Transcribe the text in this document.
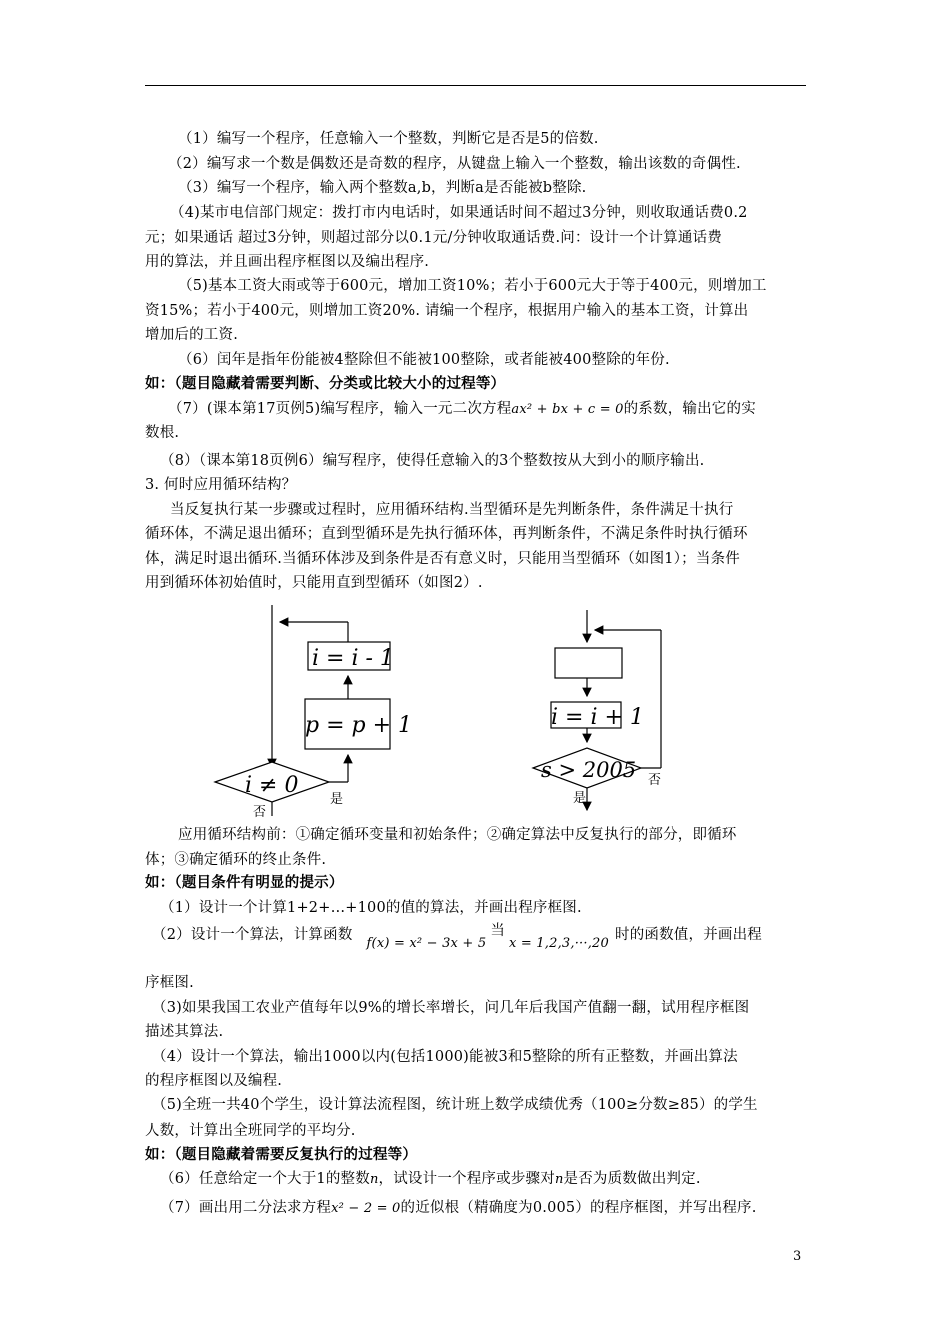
（1）编写一个程序，任意输入一个整数，判断它是否是5的倍数.
（2）编写求一个数是偶数还是奇数的程序，从键盘上输入一个整数，输出该数的奇偶性.
（3）编写一个程序，输入两个整数a,b，判断a是否能被b整除.
（4)某市电信部门规定：拨打市内电话时，如果通话时间不超过3分钟，则收取通话费0.2
元；如果通话 超过3分钟，则超过部分以0.1元/分钟收取通话费.问：设计一个计算通话费
用的算法，并且画出程序框图以及编出程序.
（5)基本工资大雨或等于600元，增加工资10%；若小于600元大于等于400元，则增加工
资15%；若小于400元，则增加工资20%. 请编一个程序，根据用户输入的基本工资，计算出
增加后的工资.
（6）闰年是指年份能被4整除但不能被100整除，或者能被400整除的年份.
如：（题目隐藏着需要判断、分类或比较大小的过程等）
（7）(课本第17页例5)编写程序，输入一元二次方程ax² + bx + c = 0的系数，输出它的实
数根.
（8）（课本第18页例6）编写程序，使得任意输入的3个整数按从大到小的顺序输出.
3. 何时应用循环结构？
当反复执行某一步骤或过程时，应用循环结构.当型循环是先判断条件，条件满足十执行
循环体，不满足退出循环；直到型循环是先执行循环体，再判断条件，不满足条件时执行循环
体，满足时退出循环.当循环体涉及到条件是否有意义时，只能用当型循环（如图1）；当条件
用到循环体初始值时，只能用直到型循环（如图2）.
i = i - 1
p = p + 1
i ≠ 0
是
否
i = i + 1
s > 2005 否
是
应用循环结构前：①确定循环变量和初始条件；②确定算法中反复执行的部分，即循环
体；③确定循环的终止条件.
如：（题目条件有明显的提示）
（1）设计一个计算1+2+…+100的值的算法，并画出程序框图.
（2）设计一个算法，计算函数f(x) = x² − 3x + 5当x = 1,2,3,···,20时的函数值，并画出程
序框图.
（3)如果我国工农业产值每年以9%的增长率增长，问几年后我国产值翻一翻，试用程序框图
描述其算法.
（4）设计一个算法，输出1000以内(包括1000)能被3和5整除的所有正整数，并画出算法
的程序框图以及编程.
（5)全班一共40个学生，设计算法流程图，统计班上数学成绩优秀（100≥分数≥85）的学生
人数，计算出全班同学的平均分.
如：（题目隐藏着需要反复执行的过程等）
（6）任意给定一个大于1的整数n，试设计一个程序或步骤对n是否为质数做出判定.
（7）画出用二分法求方程x² − 2 = 0的近似根（精确度为0.005）的程序框图，并写出程序.
3
